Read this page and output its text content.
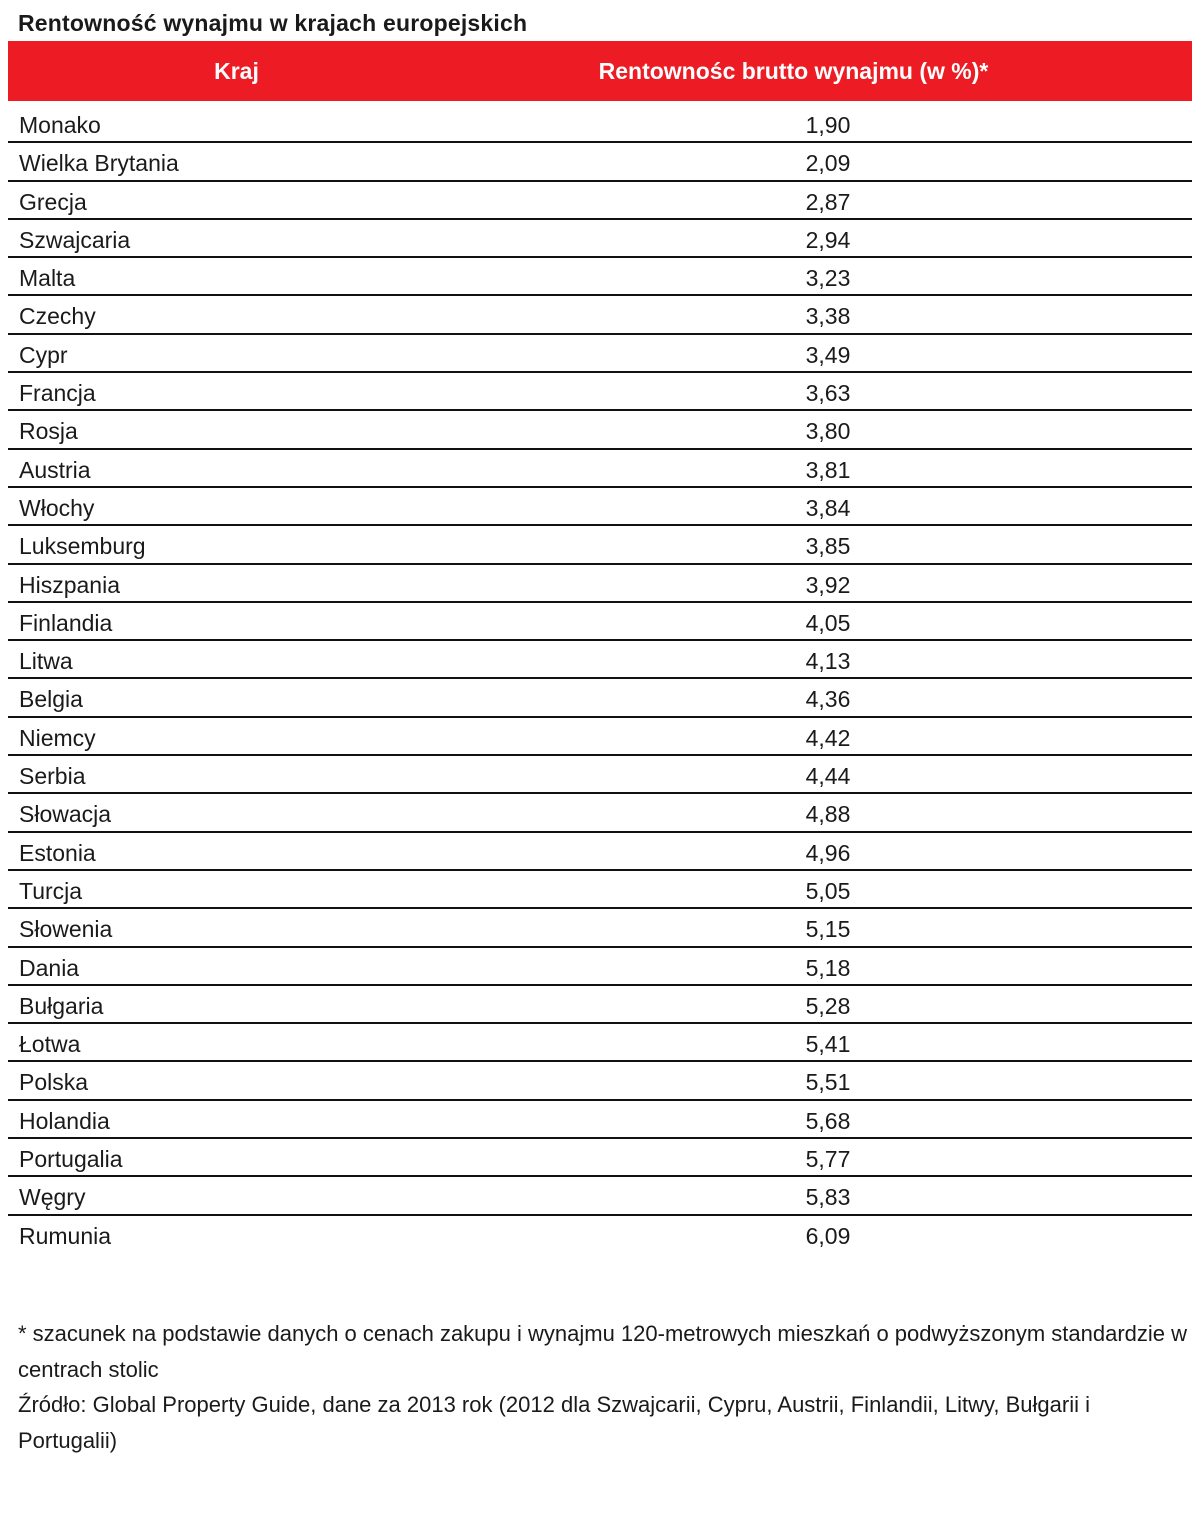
Rentowność wynajmu w krajach europejskich
Kraj	Rentownośc brutto wynajmu (w %)*
Monako	1,90
Wielka Brytania	2,09
Grecja	2,87
Szwajcaria	2,94
Malta	3,23
Czechy	3,38
Cypr	3,49
Francja	3,63
Rosja	3,80
Austria	3,81
Włochy	3,84
Luksemburg	3,85
Hiszpania	3,92
Finlandia	4,05
Litwa	4,13
Belgia	4,36
Niemcy	4,42
Serbia	4,44
Słowacja	4,88
Estonia	4,96
Turcja	5,05
Słowenia	5,15
Dania	5,18
Bułgaria	5,28
Łotwa	5,41
Polska	5,51
Holandia	5,68
Portugalia	5,77
Węgry	5,83
Rumunia	6,09

* szacunek na podstawie danych o cenach zakupu i wynajmu 120-metrowych mieszkań o podwyższonym standardzie w centrach stolic

Źródło: Global Property Guide, dane za 2013 rok (2012 dla Szwajcarii, Cypru, Austrii, Finlandii, Litwy, Bułgarii i Portugalii)
